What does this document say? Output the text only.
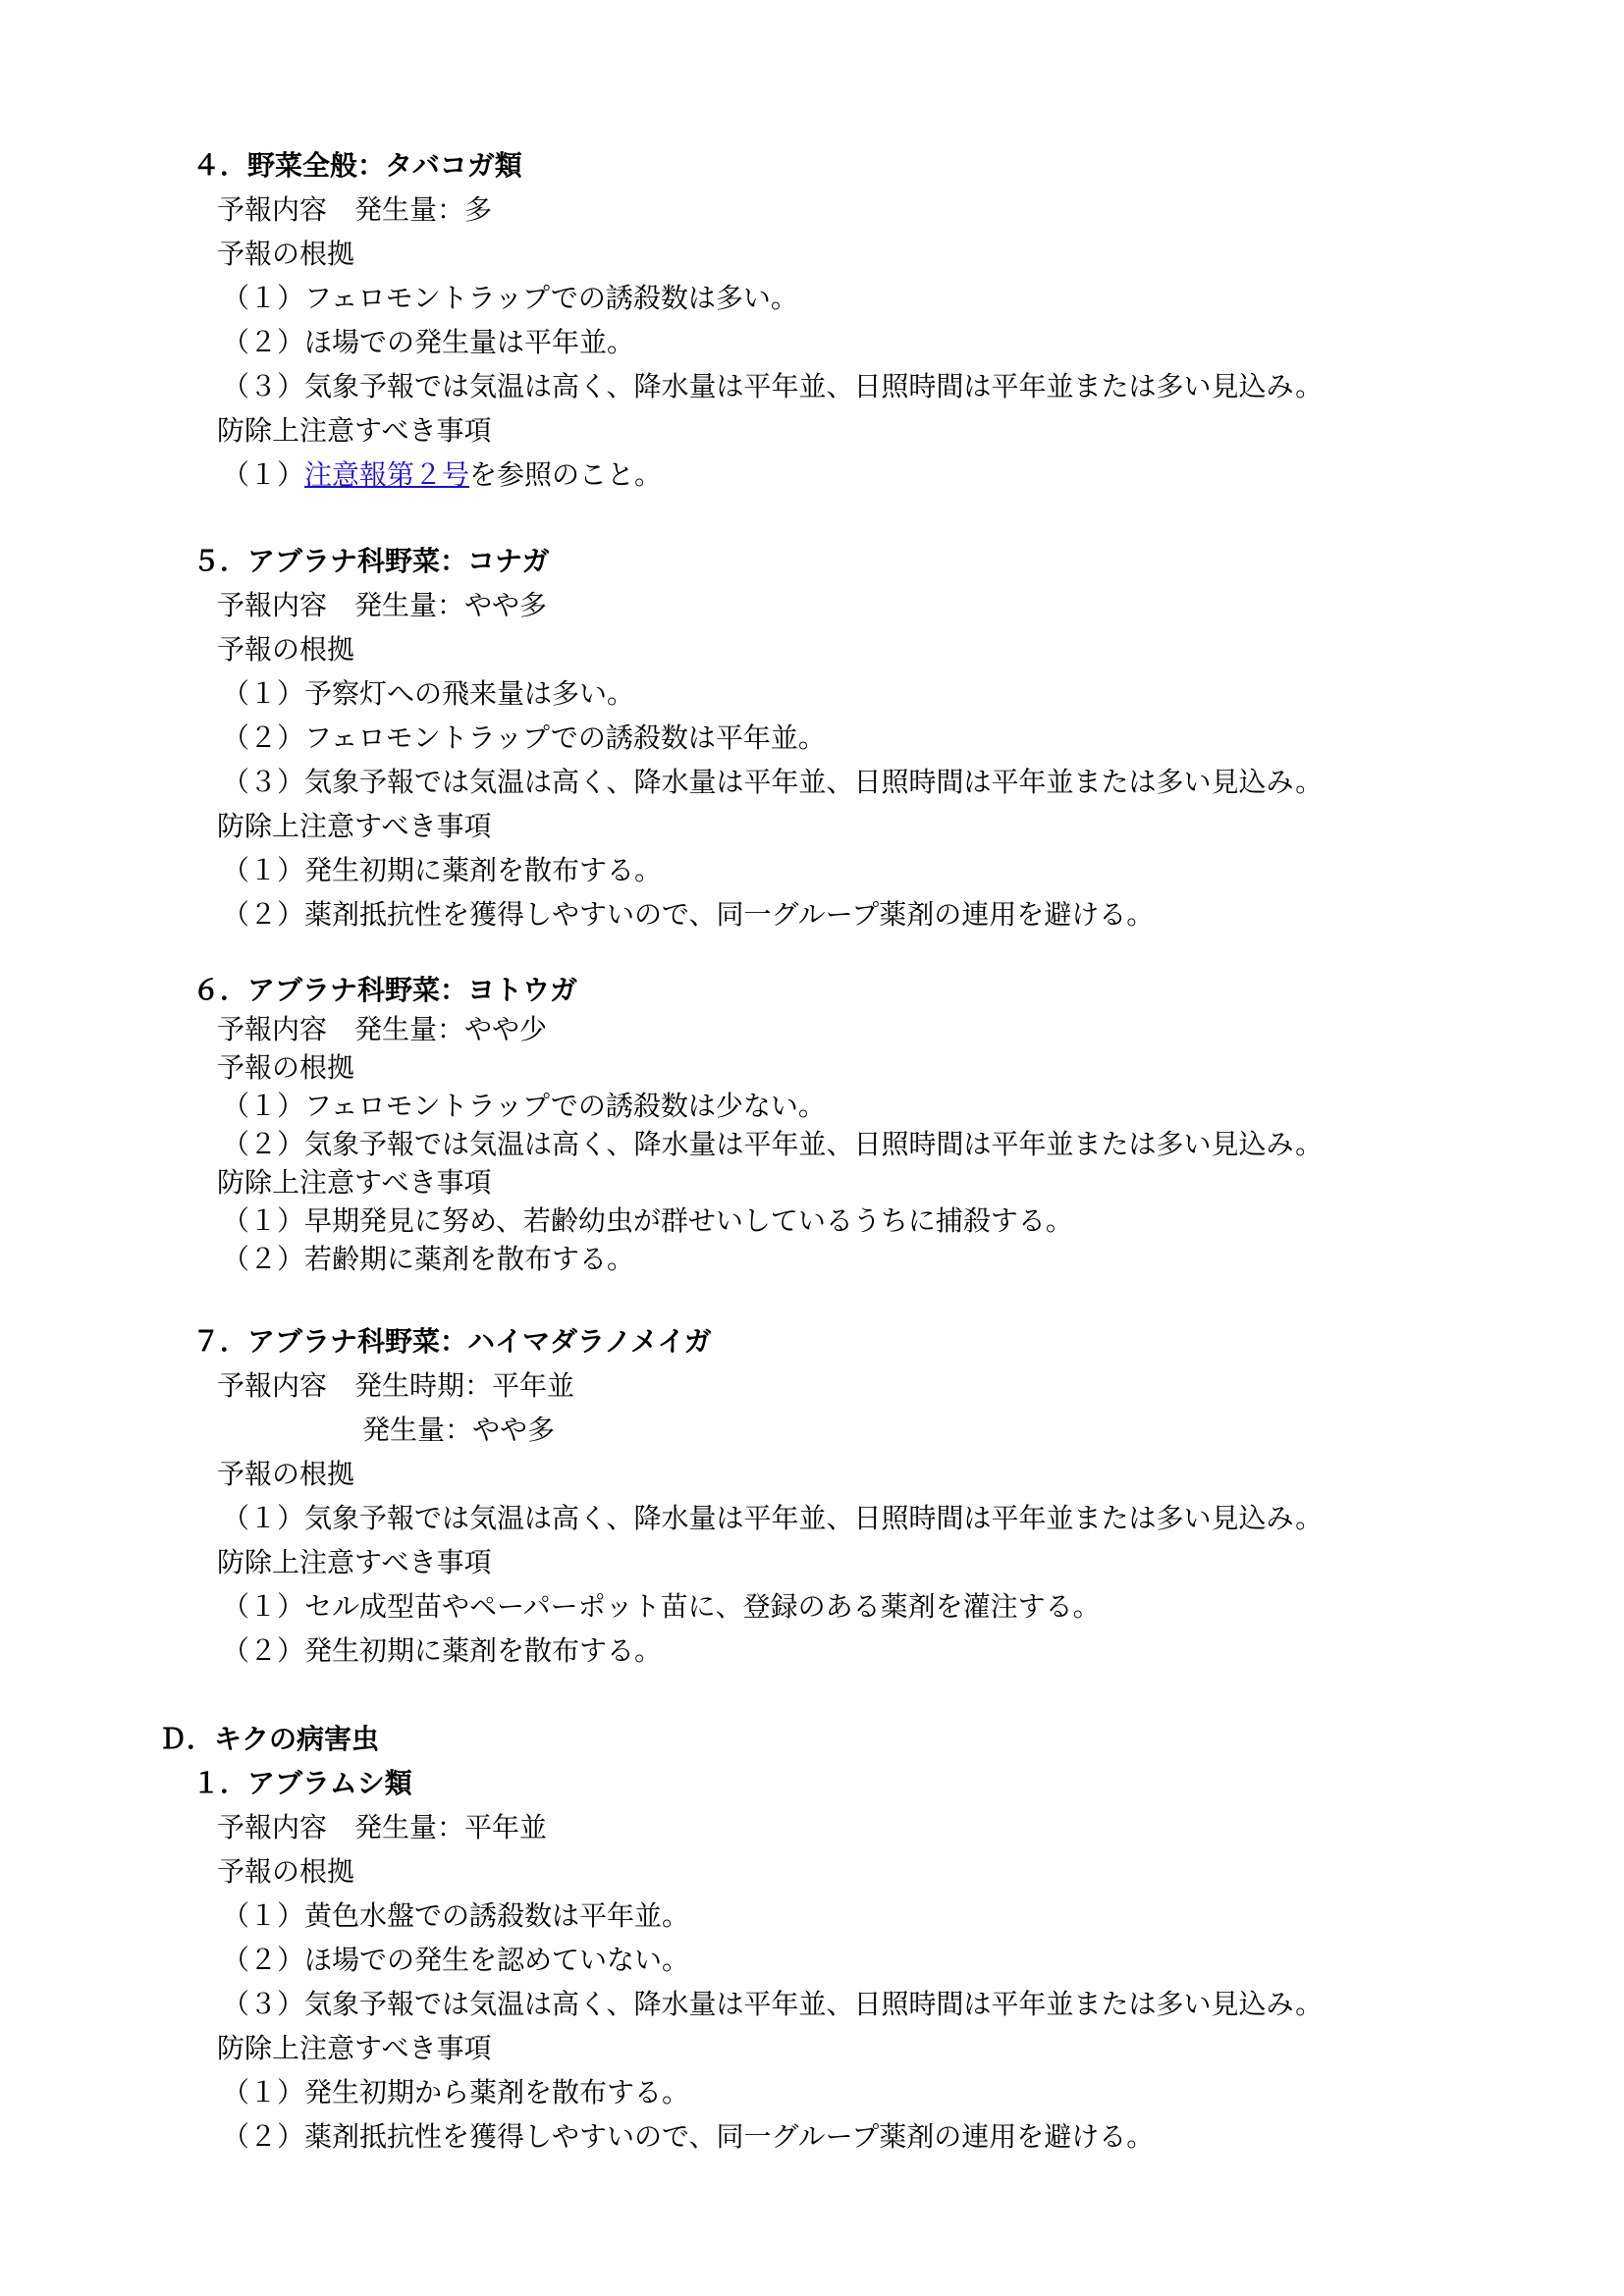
４．野菜全般：タバコガ類
予報内容　発生量：多
予報の根拠
（１）フェロモントラップでの誘殺数は多い。
（２）ほ場での発生量は平年並。
（３）気象予報では気温は高く、降水量は平年並、日照時間は平年並または多い見込み。
防除上注意すべき事項
（１）注意報第２号を参照のこと。
５．アブラナ科野菜：コナガ
予報内容　発生量：やや多
予報の根拠
（１）予察灯への飛来量は多い。
（２）フェロモントラップでの誘殺数は平年並。
（３）気象予報では気温は高く、降水量は平年並、日照時間は平年並または多い見込み。
防除上注意すべき事項
（１）発生初期に薬剤を散布する。
（２）薬剤抵抗性を獲得しやすいので、同一グループ薬剤の連用を避ける。
６．アブラナ科野菜：ヨトウガ
予報内容　発生量：やや少
予報の根拠
（１）フェロモントラップでの誘殺数は少ない。
（２）気象予報では気温は高く、降水量は平年並、日照時間は平年並または多い見込み。
防除上注意すべき事項
（１）早期発見に努め、若齢幼虫が群せいしているうちに捕殺する。
（２）若齢期に薬剤を散布する。
７．アブラナ科野菜：ハイマダラノメイガ
予報内容　発生時期：平年並
発生量：やや多
予報の根拠
（１）気象予報では気温は高く、降水量は平年並、日照時間は平年並または多い見込み。
防除上注意すべき事項
（１）セル成型苗やペーパーポット苗に、登録のある薬剤を灌注する。
（２）発生初期に薬剤を散布する。
Ｄ．キクの病害虫
１．アブラムシ類
予報内容　発生量：平年並
予報の根拠
（１）黄色水盤での誘殺数は平年並。
（２）ほ場での発生を認めていない。
（３）気象予報では気温は高く、降水量は平年並、日照時間は平年並または多い見込み。
防除上注意すべき事項
（１）発生初期から薬剤を散布する。
（２）薬剤抵抗性を獲得しやすいので、同一グループ薬剤の連用を避ける。
